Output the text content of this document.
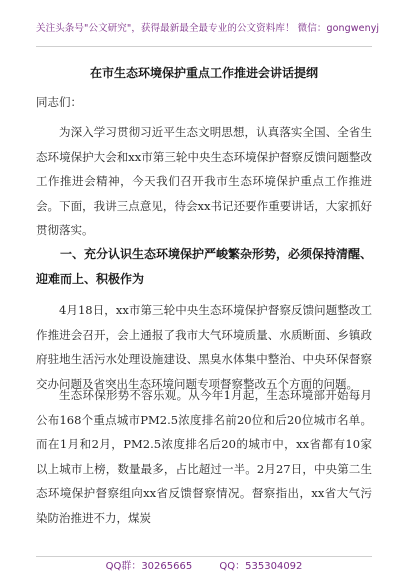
关注头条号"公文研究"，获得最新最全最专业的公文资料库！ 微信：gongwenyj
在市生态环境保护重点工作推进会讲话提纲
同志们：
为深入学习贯彻习近平生态文明思想，认真落实全国、全省生态环境保护大会和xx市第三轮中央生态环境保护督察反馈问题整改工作推进会精神，今天我们召开我市生态环境保护重点工作推进会。下面，我讲三点意见，待会xx书记还要作重要讲话，大家抓好贯彻落实。
一、充分认识生态环境保护严峻繁杂形势，必须保持清醒、迎难而上、积极作为
4月18日，xx市第三轮中央生态环境保护督察反馈问题整改工作推进会召开，会上通报了我市大气环境质量、水质断面、乡镇政府驻地生活污水处理设施建设、黑臭水体集中整治、中央环保督察交办问题及省突出生态环境问题专项督察整改五个方面的问题。
生态环保形势不容乐观。从今年1月起，生态环境部开始每月公布168个重点城市PM2.5浓度排名前20位和后20位城市名单。而在1月和2月，PM2.5浓度排名后20的城市中，xx省都有10家以上城市上榜，数量最多，占比超过一半。2月27日，中央第二生态环境保护督察组向xx省反馈督察情况。督察指出，xx省大气污染防治推进不力，煤炭
QQ群：30265665	QQ：535304092
